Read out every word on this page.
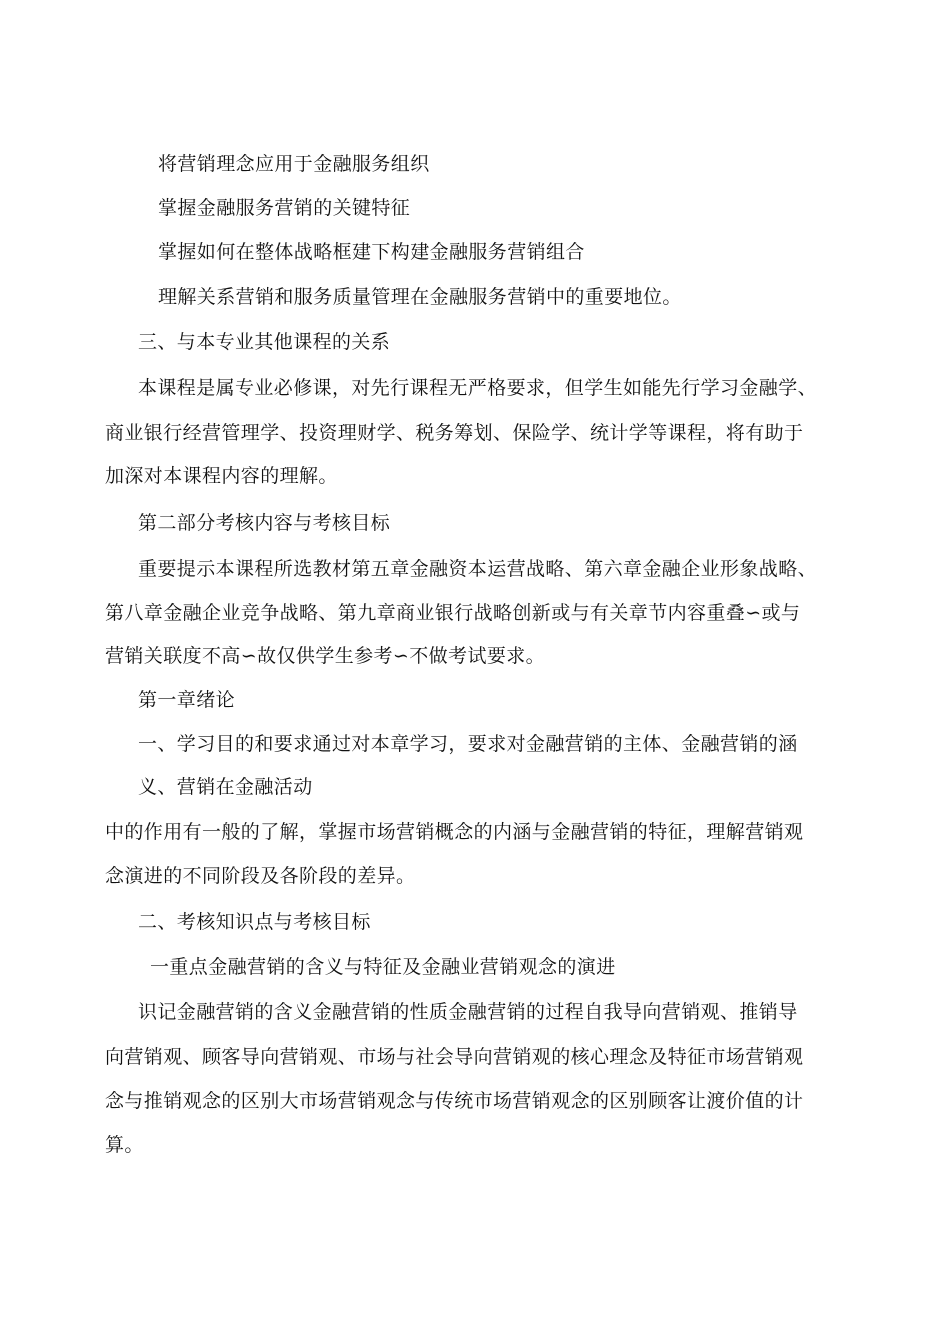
将营销理念应用于金融服务组织
掌握金融服务营销的关键特征
掌握如何在整体战略框建下构建金融服务营销组合
理解关系营销和服务质量管理在金融服务营销中的重要地位。
三、与本专业其他课程的关系
本课程是属专业必修课，对先行课程无严格要求，但学生如能先行学习金融学、
商业银行经营管理学、投资理财学、税务筹划、保险学、统计学等课程，将有助于
加深对本课程内容的理解。
第二部分考核内容与考核目标
重要提示本课程所选教材第五章金融资本运营战略、第六章金融企业形象战略、
第八章金融企业竞争战略、第九章商业银行战略创新或与有关章节内容重叠∽或与
营销关联度不高∽故仅供学生参考∽不做考试要求。
第一章绪论
一、学习目的和要求通过对本章学习，要求对金融营销的主体、金融营销的涵
义、营销在金融活动
中的作用有一般的了解，掌握市场营销概念的内涵与金融营销的特征，理解营销观
念演进的不同阶段及各阶段的差异。
二、考核知识点与考核目标
一重点金融营销的含义与特征及金融业营销观念的演进
识记金融营销的含义金融营销的性质金融营销的过程自我导向营销观、推销导
向营销观、顾客导向营销观、市场与社会导向营销观的核心理念及特征市场营销观
念与推销观念的区别大市场营销观念与传统市场营销观念的区别顾客让渡价值的计
算。
